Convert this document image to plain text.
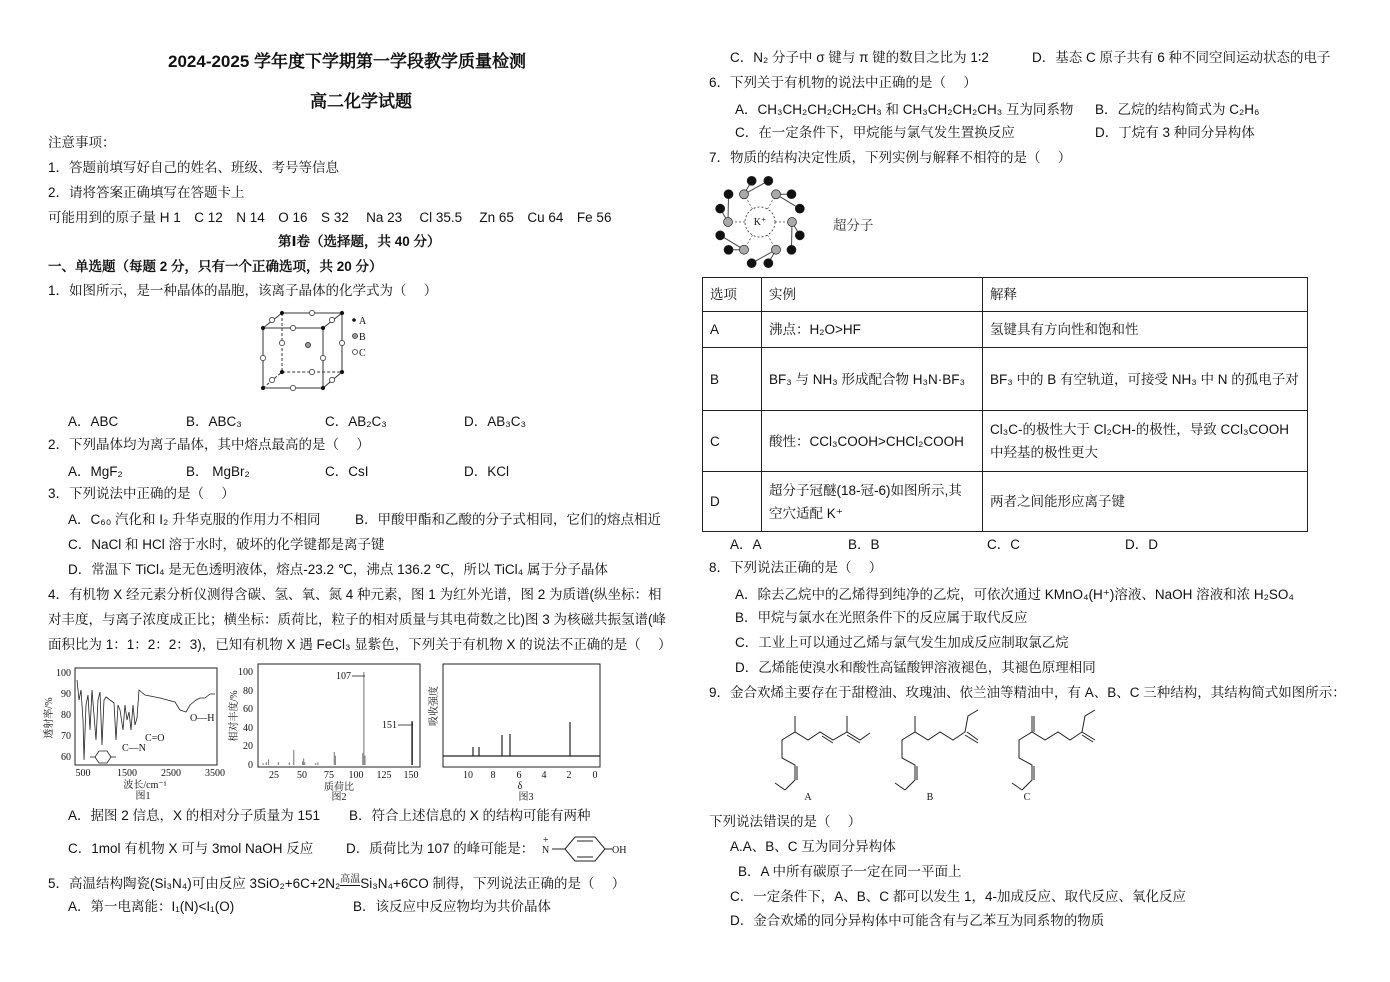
2024-2025 学年度下学期第一学段教学质量检测
高二化学试题
注意事项：
1．答题前填写好自己的姓名、班级、考号等信息
2．请将答案正确填写在答题卡上
可能用到的原子量 H 1　C 12　N 14　O 16　S 32　 Na 23　 Cl 35.5　 Zn 65　Cu 64　Fe 56
第Ⅰ卷（选择题，共 40 分）
一、单选题（每题 2 分，只有一个正确选项，共 20 分）
1．如图所示，是一种晶体的晶胞，该离子晶体的化学式为（　 ）
A．ABC	B．ABC₃	C．AB₂C₃	D．AB₃C₃
2．下列晶体均为离子晶体，其中熔点最高的是（　 ）
A．MgF₂	B． MgBr₂	C．CsI	D．KCl
3．下列说法中正确的是（　 ）
A．C₆₀ 汽化和 I₂ 升华克服的作用力不相同	B．甲酸甲酯和乙酸的分子式相同，它们的熔点相近
C．NaCl 和 HCl 溶于水时，破坏的化学键都是离子键
D．常温下 TiCl₄ 是无色透明液体，熔点-23.2 ℃，沸点 136.2 ℃，所以 TiCl₄ 属于分子晶体
4．有机物 X 经元素分析仪测得含碳、氢、氧、氮 4 种元素，图 1 为红外光谱，图 2 为质谱(纵坐标：相
对丰度，与离子浓度成正比；横坐标：质荷比，粒子的相对质量与其电荷数之比)图 3 为核磁共振氢谱(峰
面积比为 1：1：2：2：3)，已知有机物 X 遇 FeCl₃ 显紫色，下列关于有机物 X 的说法不正确的是（　 ）
A．据图 2 信息，X 的相对分子质量为 151 B．符合上述信息的 X 的结构可能有两种
C．1mol 有机物 X 可与 3mol NaOH 反应 D．质荷比为 107 的峰可能是：
5．高温结构陶瓷(Si₃N₄)可由反应 3SiO₂+6C+2N₂$^{高温}$Si₃N₄+6CO 制得，下列说法正确的是（　 ）
A．第一电离能：I₁(N)<I₁(O)	B．该反应中反应物均为共价晶体
C．N₂ 分子中 σ 键与 π 键的数目之比为 1∶2	D．基态 C 原子共有 6 种不同空间运动状态的电子
6．下列关于有机物的说法中正确的是（　 ）
A．CH₃CH₂CH₂CH₂CH₃ 和 CH₃CH₂CH₂CH₃ 互为同系物 B．乙烷的结构简式为 C₂H₆
C．在一定条件下，甲烷能与氯气发生置换反应	D．丁烷有 3 种同分异构体
7．物质的结构决定性质，下列实例与解释不相符的是（　 ）
超分子
选项	实例	解释
A	沸点：H₂O>HF	氢键具有方向性和饱和性
B	BF₃ 与 NH₃ 形成配合物 H₃N·BF₃	BF₃ 中的 B 有空轨道，可接受 NH₃ 中 N 的孤电子对
C	酸性：CCl₃COOH>CHCl₂COOH	Cl₃C-的极性大于 Cl₂CH-的极性，导致 CCl₃COOH 中羟基的极性更大
D	超分子冠醚(18-冠-6)如图所示,其空穴适配 K⁺	两者之间能形应离子键
A．A	B．B	C．C	D．D
8．下列说法正确的是（　 ）
A．除去乙烷中的乙烯得到纯净的乙烷，可依次通过 KMnO₄(H⁺)溶液、NaOH 溶液和浓 H₂SO₄
B．甲烷与氯水在光照条件下的反应属于取代反应
C．工业上可以通过乙烯与氯气发生加成反应制取氯乙烷
D．乙烯能使溴水和酸性高锰酸钾溶液褪色，其褪色原理相同
9．金合欢烯主要存在于甜橙油、玫瑰油、依兰油等精油中，有 A、B、C 三种结构，其结构简式如图所示：
下列说法错误的是（　 ）
A.A、B、C 互为同分异构体
B．A 中所有碳原子一定在同一平面上
C．一定条件下，A、B、C 都可以发生 1，4-加成反应、取代反应、氧化反应
D．金合欢烯的同分异构体中可能含有与乙苯互为同系物的物质
A
B
C
100
90
80
70
60
500	1500 2500 3500
透射率/%
波长/cm⁻¹
图1
O—H
C=O
C—N
107
151
0
20
40
60
80
100
25 50 75 100 125 150
相对丰度/%
质荷比
图2
10 8 6 4 2 0
吸收强度
δ
图3
N
+
OH
K⁺
A	B	C
